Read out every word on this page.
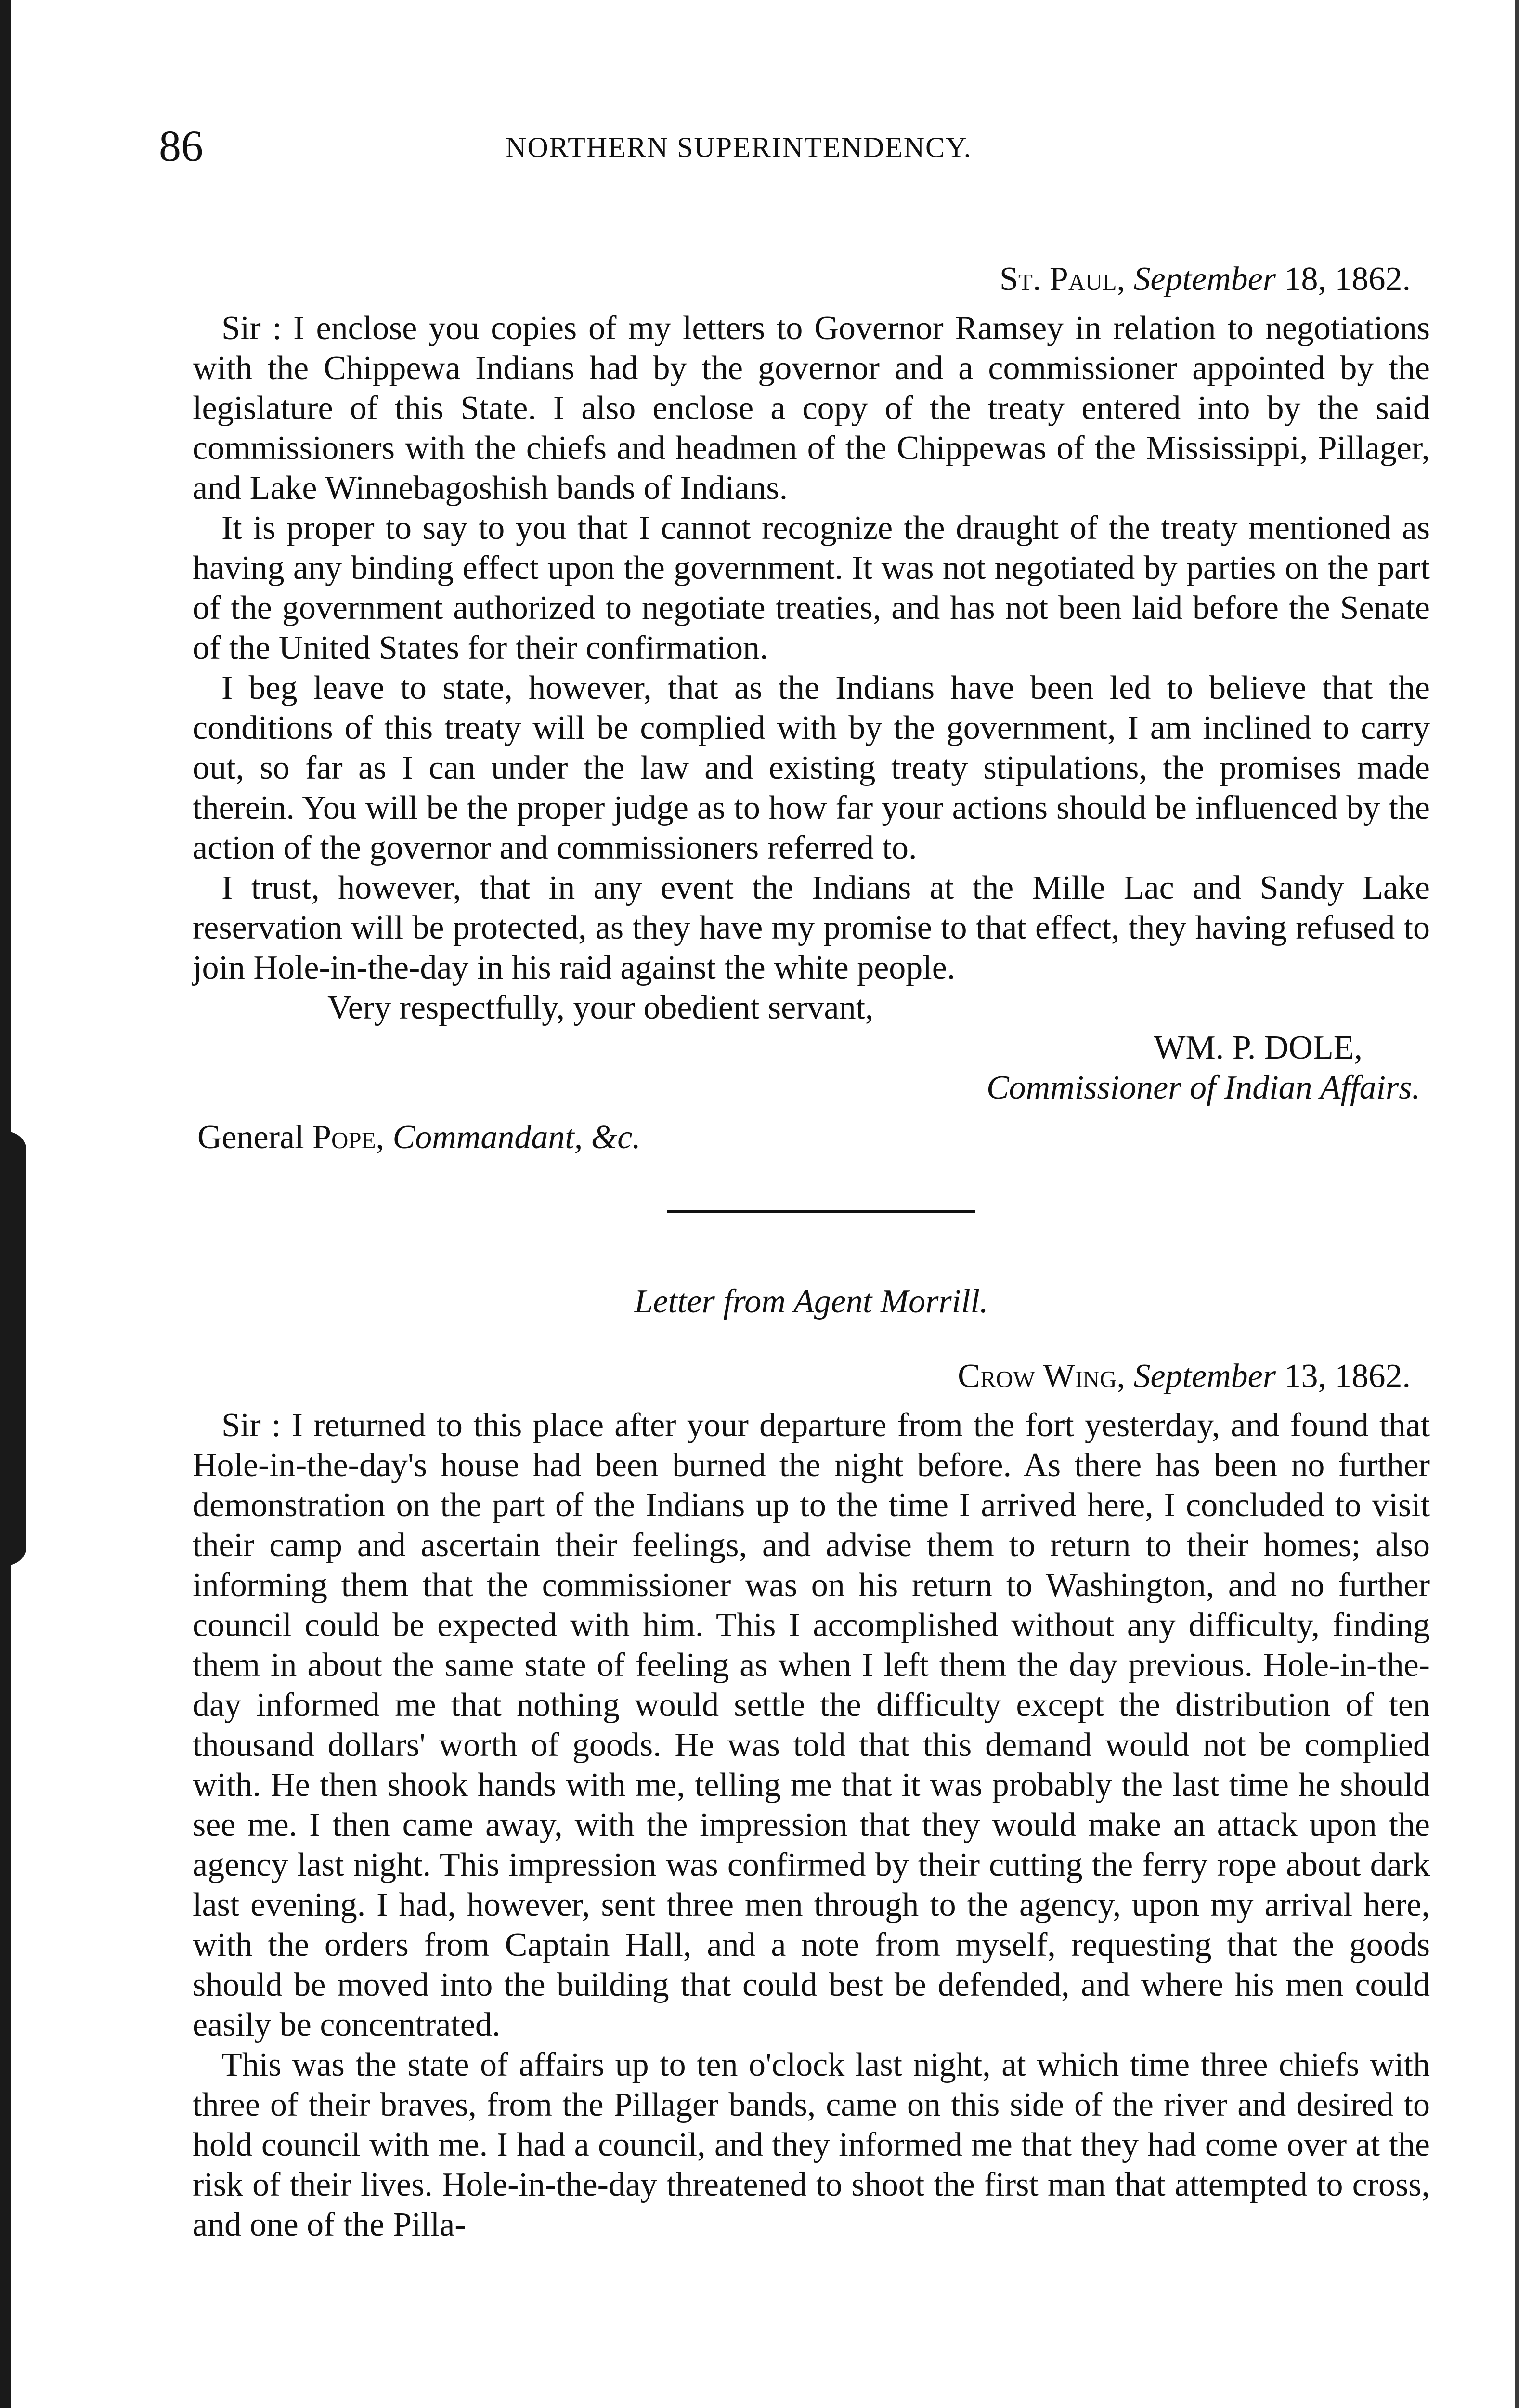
86	NORTHERN SUPERINTENDENCY.
St. Paul, September 18, 1862.

Sir : I enclose you copies of my letters to Governor Ramsey in relation to negotiations with the Chippewa Indians had by the governor and a commissioner appointed by the legislature of this State. I also enclose a copy of the treaty entered into by the said commissioners with the chiefs and headmen of the Chippewas of the Mississippi, Pillager, and Lake Winnebagoshish bands of Indians.

It is proper to say to you that I cannot recognize the draught of the treaty mentioned as having any binding effect upon the government. It was not negotiated by parties on the part of the government authorized to negotiate treaties, and has not been laid before the Senate of the United States for their confirmation.

I beg leave to state, however, that as the Indians have been led to believe that the conditions of this treaty will be complied with by the government, I am inclined to carry out, so far as I can under the law and existing treaty stipulations, the promises made therein. You will be the proper judge as to how far your actions should be influenced by the action of the governor and commissioners referred to.

I trust, however, that in any event the Indians at the Mille Lac and Sandy Lake reservation will be protected, as they have my promise to that effect, they having refused to join Hole-in-the-day in his raid against the white people.

Very respectfully, your obedient servant,
WM. P. DOLE,
Commissioner of Indian Affairs.
General Pope, Commandant, &c.
Letter from Agent Morrill.
Crow Wing, September 13, 1862.

Sir : I returned to this place after your departure from the fort yesterday, and found that Hole-in-the-day's house had been burned the night before. As there has been no further demonstration on the part of the Indians up to the time I arrived here, I concluded to visit their camp and ascertain their feelings, and advise them to return to their homes; also informing them that the commissioner was on his return to Washington, and no further council could be expected with him. This I accomplished without any difficulty, finding them in about the same state of feeling as when I left them the day previous. Hole-in-the-day informed me that nothing would settle the difficulty except the distribution of ten thousand dollars' worth of goods. He was told that this demand would not be complied with. He then shook hands with me, telling me that it was probably the last time he should see me. I then came away, with the impression that they would make an attack upon the agency last night. This impression was confirmed by their cutting the ferry rope about dark last evening. I had, however, sent three men through to the agency, upon my arrival here, with the orders from Captain Hall, and a note from myself, requesting that the goods should be moved into the building that could best be defended, and where his men could easily be concentrated.

This was the state of affairs up to ten o'clock last night, at which time three chiefs with three of their braves, from the Pillager bands, came on this side of the river and desired to hold council with me. I had a council, and they informed me that they had come over at the risk of their lives. Hole-in-the-day threatened to shoot the first man that attempted to cross, and one of the Pilla-
